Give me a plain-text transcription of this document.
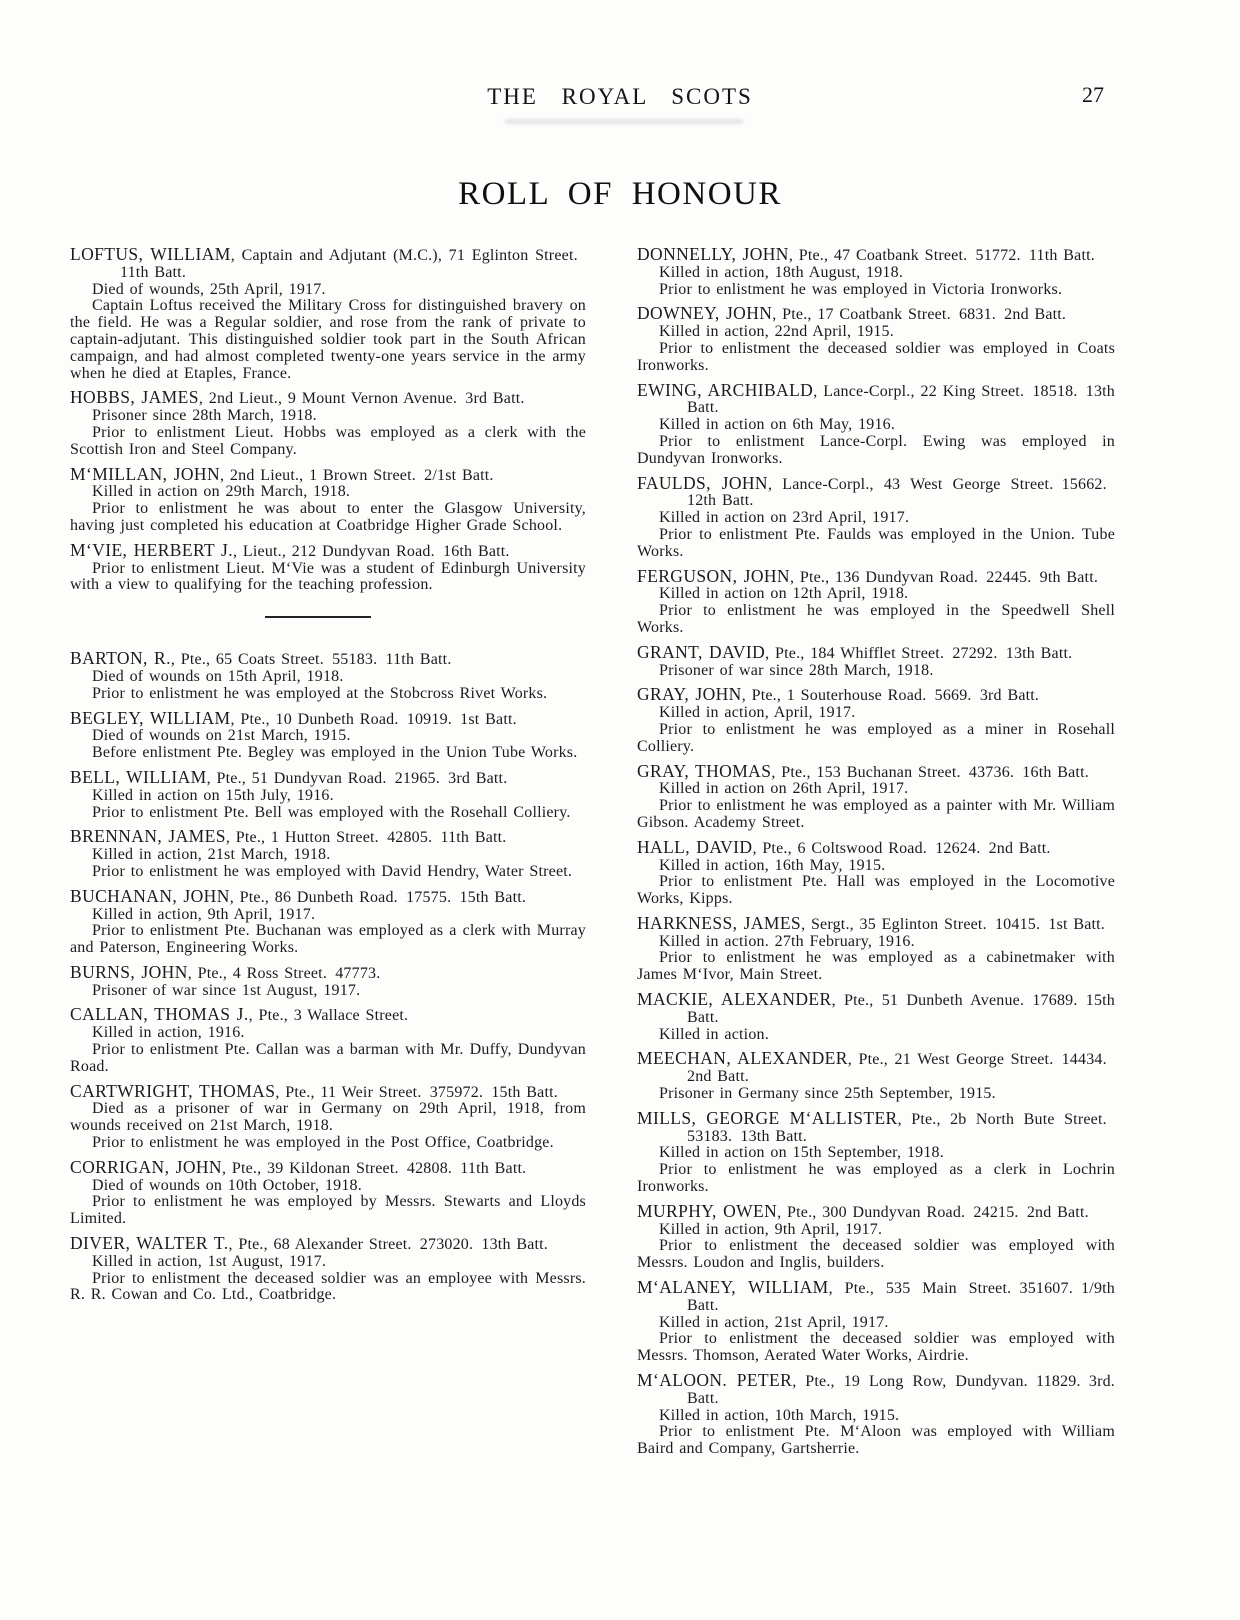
THE ROYAL SCOTS	27
ROLL OF HONOUR

LOFTUS, WILLIAM, Captain and Adjutant (M.C.), 71 Eglinton Street. 11th Batt.

Died of wounds, 25th April, 1917.

Captain Loftus received the Military Cross for distinguished bravery on the field. He was a Regular soldier, and rose from the rank of private to captain-adjutant. This distinguished soldier took part in the South African campaign, and had almost completed twenty-one years service in the army when he died at Etaples, France.

HOBBS, JAMES, 2nd Lieut., 9 Mount Vernon Avenue. 3rd Batt.

Prisoner since 28th March, 1918.

Prior to enlistment Lieut. Hobbs was employed as a clerk with the Scottish Iron and Steel Company.

M‘MILLAN, JOHN, 2nd Lieut., 1 Brown Street. 2/1st Batt.

Killed in action on 29th March, 1918.

Prior to enlistment he was about to enter the Glasgow University, having just completed his education at Coatbridge Higher Grade School.

M‘VIE, HERBERT J., Lieut., 212 Dundyvan Road. 16th Batt.

Prior to enlistment Lieut. M‘Vie was a student of Edinburgh University with a view to qualifying for the teaching profession.

BARTON, R., Pte., 65 Coats Street. 55183. 11th Batt.

Died of wounds on 15th April, 1918.

Prior to enlistment he was employed at the Stobcross Rivet Works.

BEGLEY, WILLIAM, Pte., 10 Dunbeth Road. 10919. 1st Batt.

Died of wounds on 21st March, 1915.

Before enlistment Pte. Begley was employed in the Union Tube Works.

BELL, WILLIAM, Pte., 51 Dundyvan Road. 21965. 3rd Batt.

Killed in action on 15th July, 1916.

Prior to enlistment Pte. Bell was employed with the Rosehall Colliery.

BRENNAN, JAMES, Pte., 1 Hutton Street. 42805. 11th Batt.

Killed in action, 21st March, 1918.

Prior to enlistment he was employed with David Hendry, Water Street.

BUCHANAN, JOHN, Pte., 86 Dunbeth Road. 17575. 15th Batt.

Killed in action, 9th April, 1917.

Prior to enlistment Pte. Buchanan was employed as a clerk with Murray and Paterson, Engineering Works.

BURNS, JOHN, Pte., 4 Ross Street. 47773.

Prisoner of war since 1st August, 1917.

CALLAN, THOMAS J., Pte., 3 Wallace Street.

Killed in action, 1916.

Prior to enlistment Pte. Callan was a barman with Mr. Duffy, Dundyvan Road.

CARTWRIGHT, THOMAS, Pte., 11 Weir Street. 375972. 15th Batt.

Died as a prisoner of war in Germany on 29th April, 1918, from wounds received on 21st March, 1918.

Prior to enlistment he was employed in the Post Office, Coatbridge.

CORRIGAN, JOHN, Pte., 39 Kildonan Street. 42808. 11th Batt.

Died of wounds on 10th October, 1918.

Prior to enlistment he was employed by Messrs. Stewarts and Lloyds Limited.

DIVER, WALTER T., Pte., 68 Alexander Street. 273020. 13th Batt.

Killed in action, 1st August, 1917.

Prior to enlistment the deceased soldier was an employee with Messrs. R. R. Cowan and Co. Ltd., Coatbridge.

DONNELLY, JOHN, Pte., 47 Coatbank Street. 51772. 11th Batt.

Killed in action, 18th August, 1918.

Prior to enlistment he was employed in Victoria Ironworks.

DOWNEY, JOHN, Pte., 17 Coatbank Street. 6831. 2nd Batt.

Killed in action, 22nd April, 1915.

Prior to enlistment the deceased soldier was employed in Coats Ironworks.

EWING, ARCHIBALD, Lance-Corpl., 22 King Street. 18518. 13th Batt.

Killed in action on 6th May, 1916.

Prior to enlistment Lance-Corpl. Ewing was employed in Dundyvan Ironworks.

FAULDS, JOHN, Lance-Corpl., 43 West George Street. 15662. 12th Batt.

Killed in action on 23rd April, 1917.

Prior to enlistment Pte. Faulds was employed in the Union. Tube Works.

FERGUSON, JOHN, Pte., 136 Dundyvan Road. 22445. 9th Batt.

Killed in action on 12th April, 1918.

Prior to enlistment he was employed in the Speedwell Shell Works.

GRANT, DAVID, Pte., 184 Whifflet Street. 27292. 13th Batt.

Prisoner of war since 28th March, 1918.

GRAY, JOHN, Pte., 1 Souterhouse Road. 5669. 3rd Batt.

Killed in action, April, 1917.

Prior to enlistment he was employed as a miner in Rosehall Colliery.

GRAY, THOMAS, Pte., 153 Buchanan Street. 43736. 16th Batt.

Killed in action on 26th April, 1917.

Prior to enlistment he was employed as a painter with Mr. William Gibson. Academy Street.

HALL, DAVID, Pte., 6 Coltswood Road. 12624. 2nd Batt.

Killed in action, 16th May, 1915.

Prior to enlistment Pte. Hall was employed in the Locomotive Works, Kipps.

HARKNESS, JAMES, Sergt., 35 Eglinton Street. 10415. 1st Batt.

Killed in action. 27th February, 1916.

Prior to enlistment he was employed as a cabinetmaker with James M‘Ivor, Main Street.

MACKIE, ALEXANDER, Pte., 51 Dunbeth Avenue. 17689. 15th Batt.

Killed in action.

MEECHAN, ALEXANDER, Pte., 21 West George Street. 14434. 2nd Batt.

Prisoner in Germany since 25th September, 1915.

MILLS, GEORGE M‘ALLISTER, Pte., 2b North Bute Street. 53183. 13th Batt.

Killed in action on 15th September, 1918.

Prior to enlistment he was employed as a clerk in Lochrin Ironworks.

MURPHY, OWEN, Pte., 300 Dundyvan Road. 24215. 2nd Batt.

Killed in action, 9th April, 1917.

Prior to enlistment the deceased soldier was employed with Messrs. Loudon and Inglis, builders.

M‘ALANEY, WILLIAM, Pte., 535 Main Street. 351607. 1/9th Batt.

Killed in action, 21st April, 1917.

Prior to enlistment the deceased soldier was employed with Messrs. Thomson, Aerated Water Works, Airdrie.

M‘ALOON. PETER, Pte., 19 Long Row, Dundyvan. 11829. 3rd. Batt.

Killed in action, 10th March, 1915.

Prior to enlistment Pte. M‘Aloon was employed with William Baird and Company, Gartsherrie.
